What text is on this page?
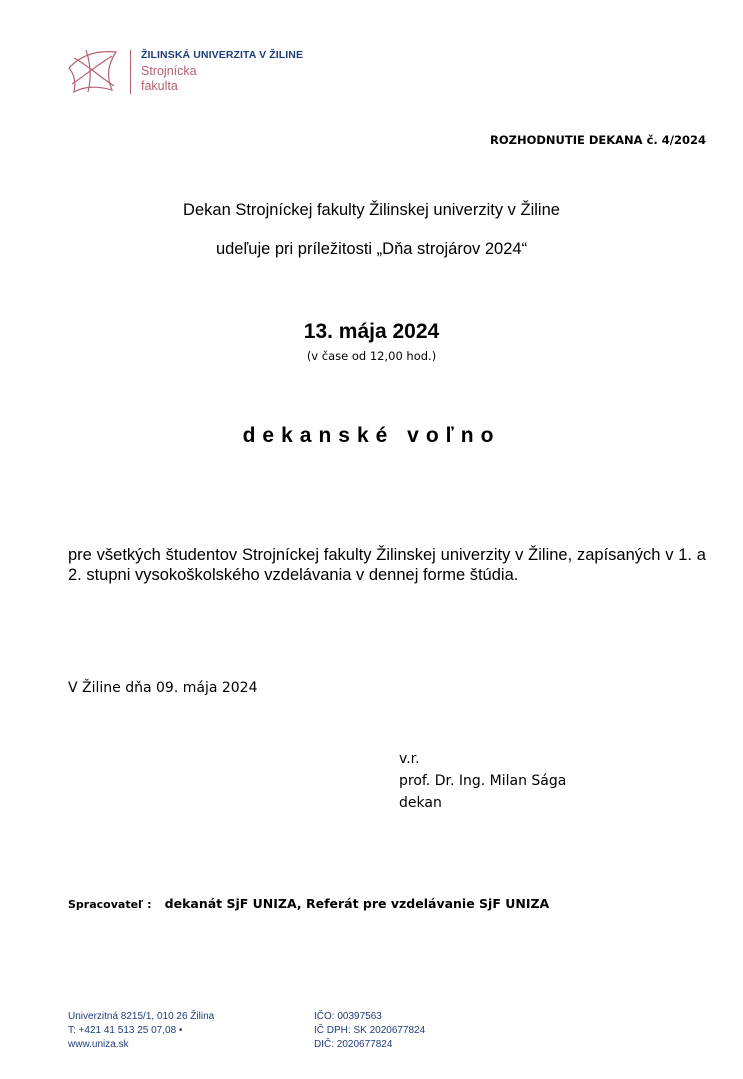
ŽILINSKÁ UNIVERZITA V ŽILINE
Strojnícka
fakulta
ROZHODNUTIE DEKANA č. 4/2024
Dekan Strojníckej fakulty Žilinskej univerzity v Žiline
udeľuje pri príležitosti „Dňa strojárov 2024“
13. mája 2024
(v čase od 12,00 hod.)
dekanské voľno
pre všetkých študentov Strojníckej fakulty Žilinskej univerzity v Žiline, zapísaných v 1. a 2. stupni vysokoškolského vzdelávania v dennej forme štúdia.
V Žiline dňa 09. mája 2024
v.r.
prof. Dr. Ing. Milan Sága
dekan
Spracovateľ : dekanát SjF UNIZA, Referát pre vzdelávanie SjF UNIZA
Univerzitná 8215/1, 010 26 Žilina
T: +421 41 513 25 07,08 •
www.uniza.sk
IČO: 00397563
IČ DPH: SK 2020677824
DIČ: 2020677824
